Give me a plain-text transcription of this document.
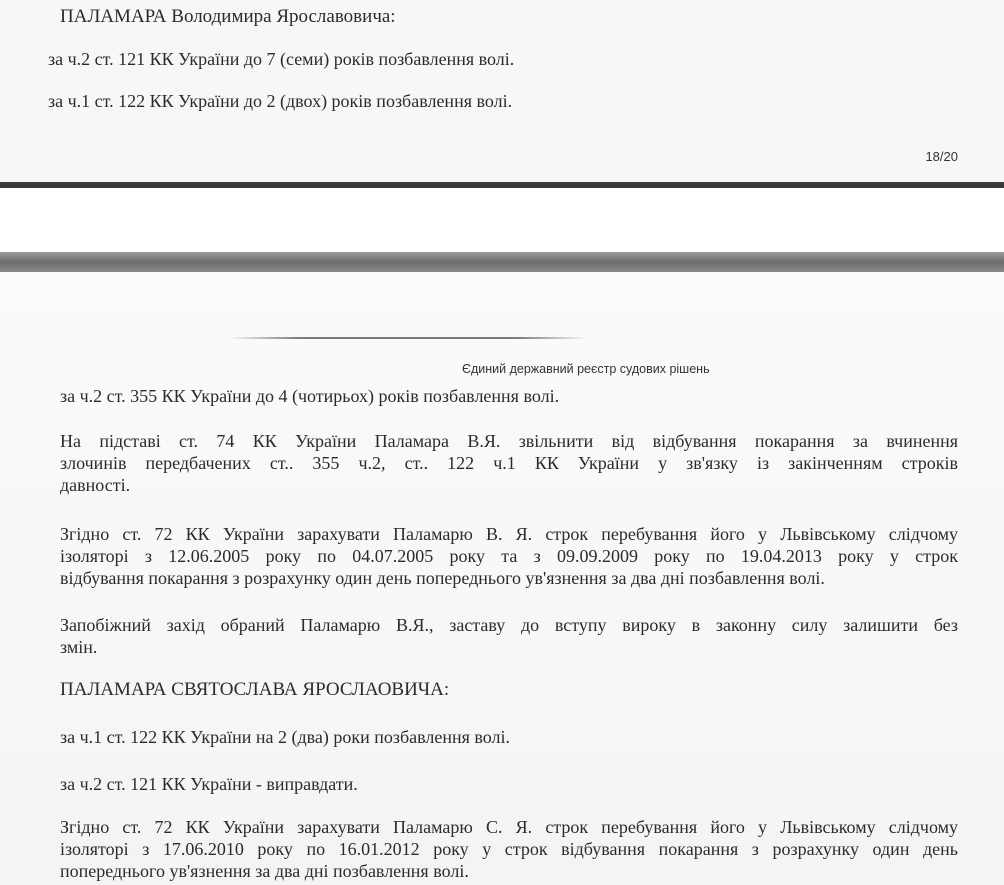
ПАЛАМАРА Володимира Ярославовича:
за ч.2 ст. 121 КК України до 7 (семи) років позбавлення волі.
за ч.1 ст. 122 КК України до 2 (двох) років позбавлення волі.
18/20
Єдиний державний реєстр судових рішень
за ч.2 ст. 355 КК України до 4 (чотирьох) років позбавлення волі.
На підставі ст. 74 КК України Паламара В.Я. звільнити від відбування покарання за вчинення
злочинів передбачених ст.. 355 ч.2, ст.. 122 ч.1 КК України у зв'язку із закінченням строків
давності.
Згідно ст. 72 КК України зарахувати Паламарю В. Я. строк перебування його у Львівському слідчому
ізоляторі з 12.06.2005 року по 04.07.2005 року та з 09.09.2009 року по 19.04.2013 року у строк
відбування покарання з розрахунку один день попереднього ув'язнення за два дні позбавлення волі.
Запобіжний захід обраний Паламарю В.Я., заставу до вступу вироку в законну силу залишити без
змін.
ПАЛАМАРА СВЯТОСЛАВА ЯРОСЛАОВИЧА:
за ч.1 ст. 122 КК України на 2 (два) роки позбавлення волі.
за ч.2 ст. 121 КК України - виправдати.
Згідно ст. 72 КК України зарахувати Паламарю С. Я. строк перебування його у Львівському слідчому
ізоляторі з 17.06.2010 року по 16.01.2012 року у строк відбування покарання з розрахунку один день
попереднього ув'язнення за два дні позбавлення волі.
